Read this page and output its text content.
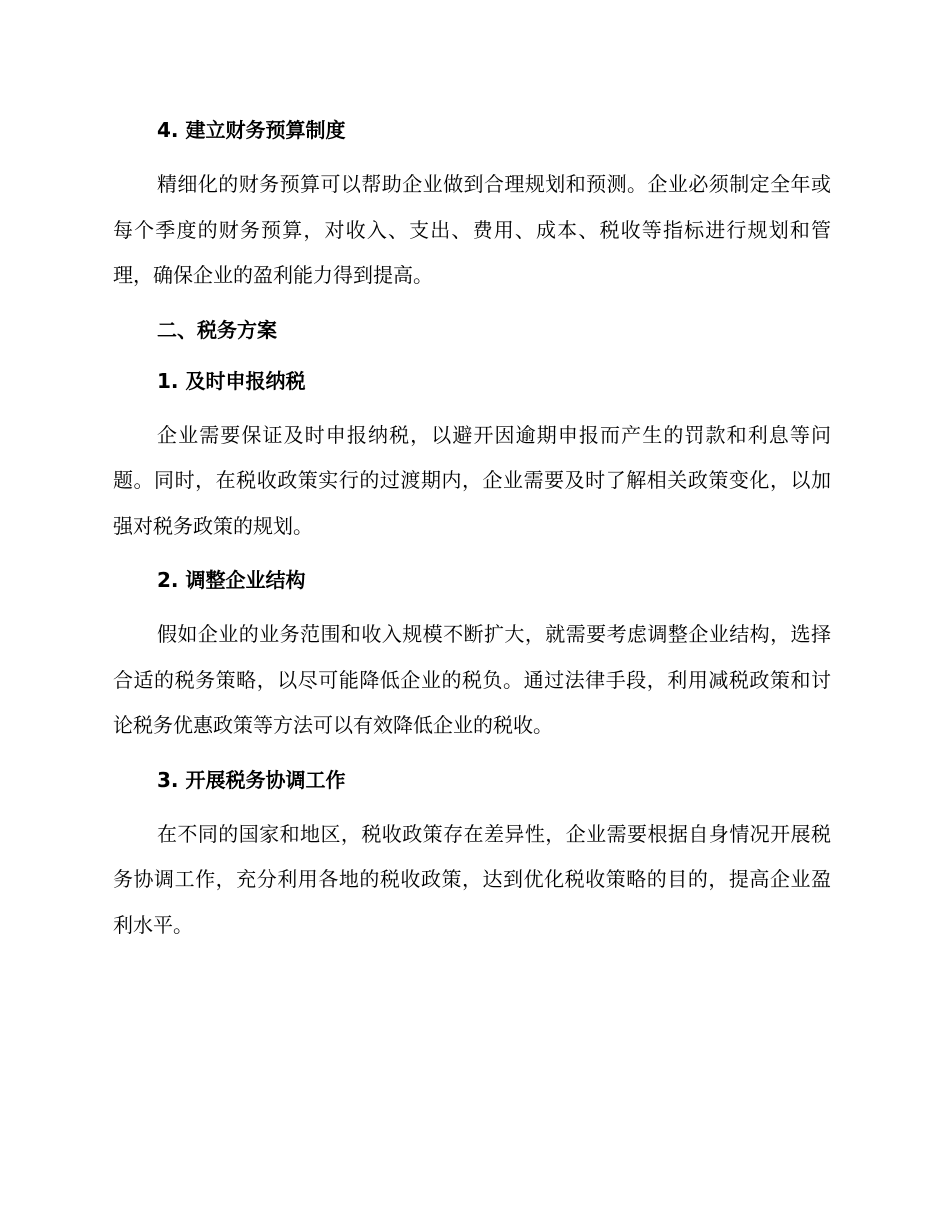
4. 建立财务预算制度

精细化的财务预算可以帮助企业做到合理规划和预测。企业必须制定全年或每个季度的财务预算，对收入、支出、费用、成本、税收等指标进行规划和管理，确保企业的盈利能力得到提高。

二、税务方案
1. 及时申报纳税

企业需要保证及时申报纳税，以避开因逾期申报而产生的罚款和利息等问题。同时，在税收政策实行的过渡期内，企业需要及时了解相关政策变化，以加强对税务政策的规划。

2. 调整企业结构

假如企业的业务范围和收入规模不断扩大，就需要考虑调整企业结构，选择合适的税务策略，以尽可能降低企业的税负。通过法律手段，利用减税政策和讨论税务优惠政策等方法可以有效降低企业的税收。

3. 开展税务协调工作

在不同的国家和地区，税收政策存在差异性，企业需要根据自身情况开展税务协调工作，充分利用各地的税收政策，达到优化税收策略的目的，提高企业盈利水平。
